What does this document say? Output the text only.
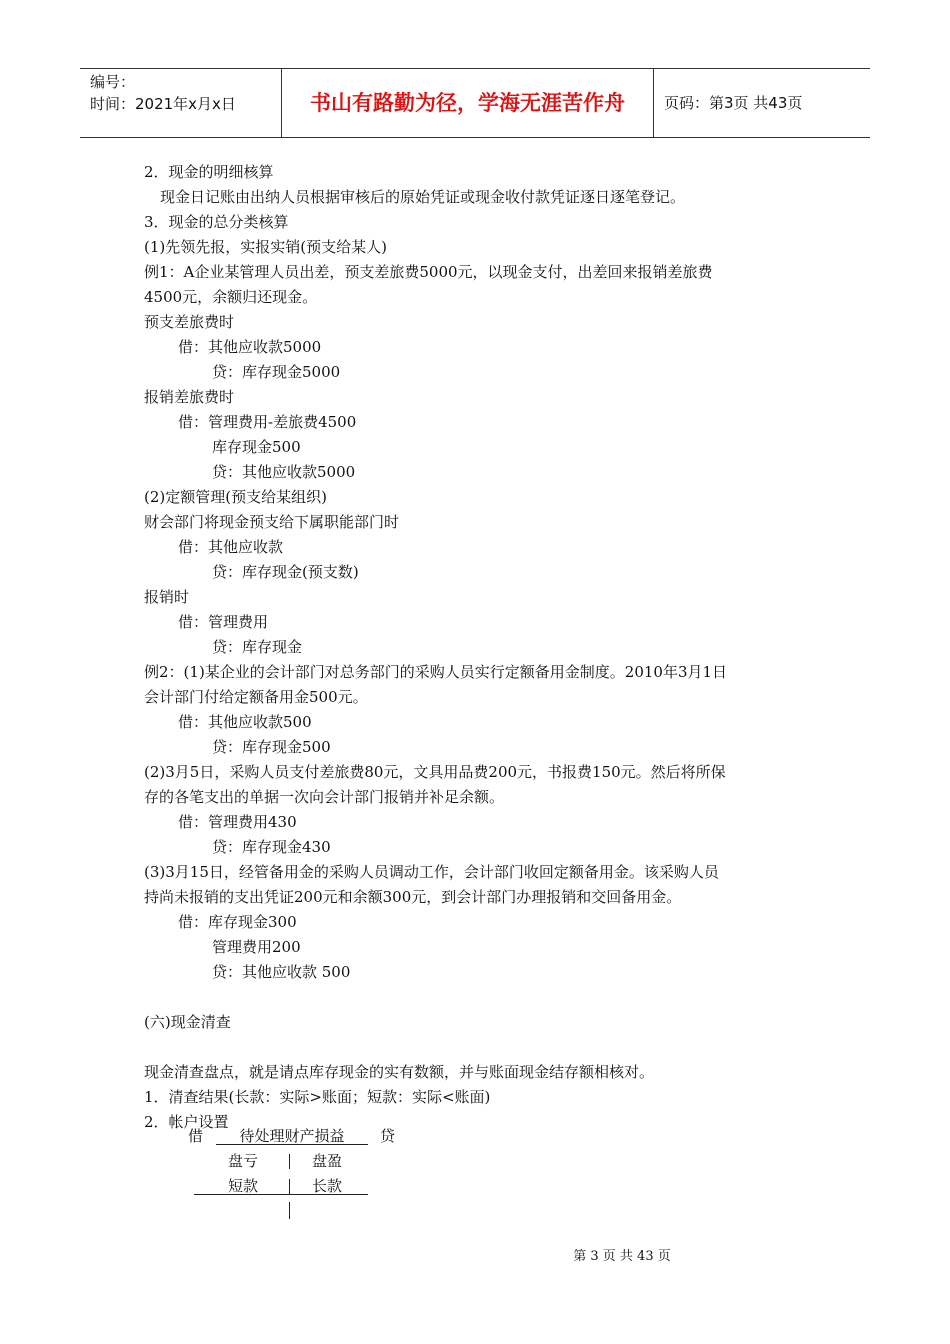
编号：
时间：2021年x月x日	书山有路勤为径，学海无涯苦作舟	页码：第3页 共43页
2．现金的明细核算
现金日记账由出纳人员根据审核后的原始凭证或现金收付款凭证逐日逐笔登记。
3．现金的总分类核算
(1)先领先报，实报实销(预支给某人)
例1：A企业某管理人员出差，预支差旅费5000元，以现金支付，出差回来报销差旅费
4500元，余额归还现金。
预支差旅费时
借：其他应收款5000
贷：库存现金5000
报销差旅费时
借：管理费用-差旅费4500
库存现金500
贷：其他应收款5000
(2)定额管理(预支给某组织)
财会部门将现金预支给下属职能部门时
借：其他应收款
贷：库存现金(预支数)
报销时
借：管理费用
贷：库存现金
例2：(1)某企业的会计部门对总务部门的采购人员实行定额备用金制度。2010年3月1日
会计部门付给定额备用金500元。
借：其他应收款500
贷：库存现金500
(2)3月5日，采购人员支付差旅费80元，文具用品费200元，书报费150元。然后将所保
存的各笔支出的单据一次向会计部门报销并补足余额。
借：管理费用430
贷：库存现金430
(3)3月15日，经管备用金的采购人员调动工作，会计部门收回定额备用金。该采购人员
持尚未报销的支出凭证200元和余额300元，到会计部门办理报销和交回备用金。
借：库存现金300
管理费用200
贷：其他应收款 500
(六)现金清查
现金清查盘点，就是请点库存现金的实有数额，并与账面现金结存额相核对。
1．清查结果(长款：实际>账面；短款：实际<账面)
2．帐户设置
借	待处理财产损益	贷
盘亏	盘盈
短款	长款
第 3 页 共 43 页
